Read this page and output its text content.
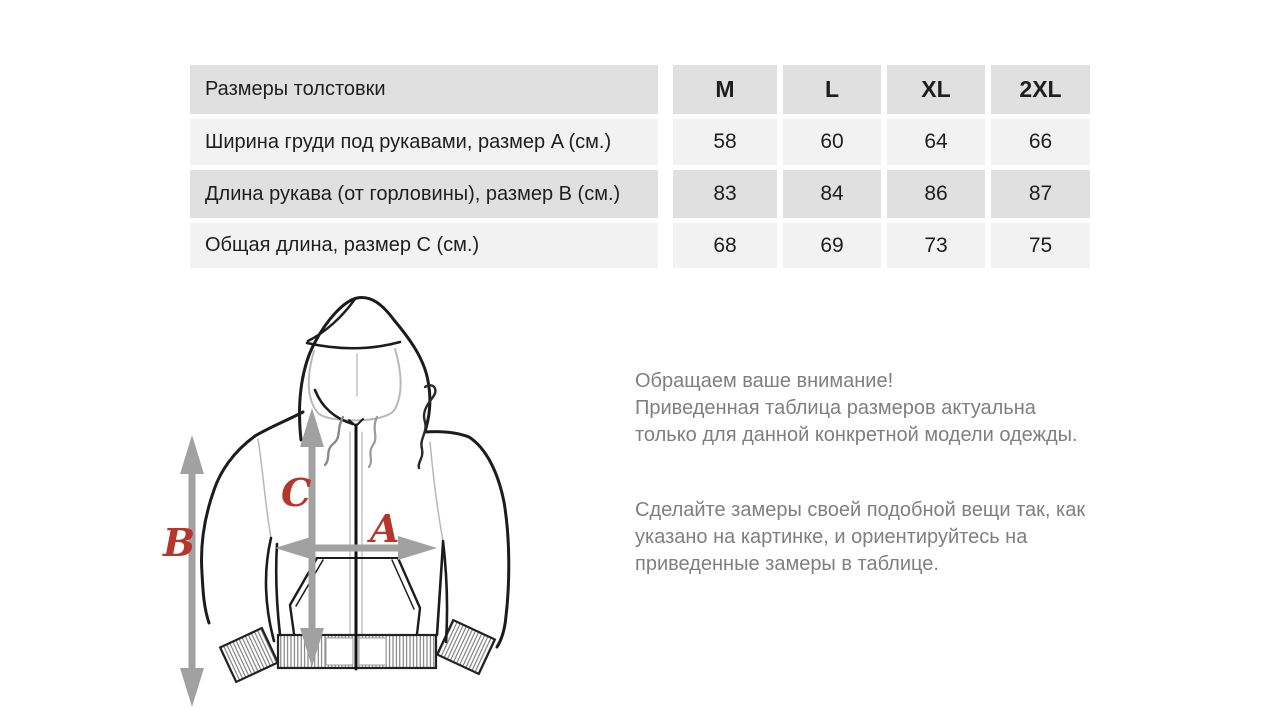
Размеры толстовки	M	L	XL	2XL
Ширина груди под рукавами, размер A (см.)	58	60	64	66
Длина рукава (от горловины), размер B (см.)	83	84	86	87
Общая длина, размер C (см.)	68	69	73	75
A
B
C
Обращаем ваше внимание!
Приведенная таблица размеров актуальна
только для данной конкретной модели одежды.
Сделайте замеры своей подобной вещи так, как
указано на картинке, и ориентируйтесь на
приведенные замеры в таблице.
